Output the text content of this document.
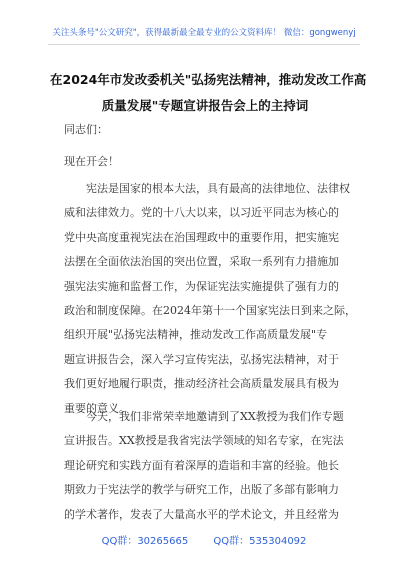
关注头条号"公文研究"，获得最新最全最专业的公文资料库！ 微信：gongwenyj
在2024年市发改委机关"弘扬宪法精神，推动发改工作高
质量发展"专题宣讲报告会上的主持词
同志们：
现在开会！
宪法是国家的根本大法，具有最高的法律地位、法律权
威和法律效力。党的十八大以来，以习近平同志为核心的
党中央高度重视宪法在治国理政中的重要作用，把实施宪
法摆在全面依法治国的突出位置，采取一系列有力措施加
强宪法实施和监督工作，为保证宪法实施提供了强有力的
政治和制度保障。在2024年第十一个国家宪法日到来之际，
组织开展"弘扬宪法精神，推动发改工作高质量发展"专
题宣讲报告会，深入学习宣传宪法，弘扬宪法精神，对于
我们更好地履行职责，推动经济社会高质量发展具有极为
重要的意义。
今天，我们非常荣幸地邀请到了XX教授为我们作专题
宣讲报告。XX教授是我省宪法学领域的知名专家，在宪法
理论研究和实践方面有着深厚的造诣和丰富的经验。他长
期致力于宪法学的教学与研究工作，出版了多部有影响力
的学术著作，发表了大量高水平的学术论文，并且经常为
QQ群：30265665	QQ群：535304092
